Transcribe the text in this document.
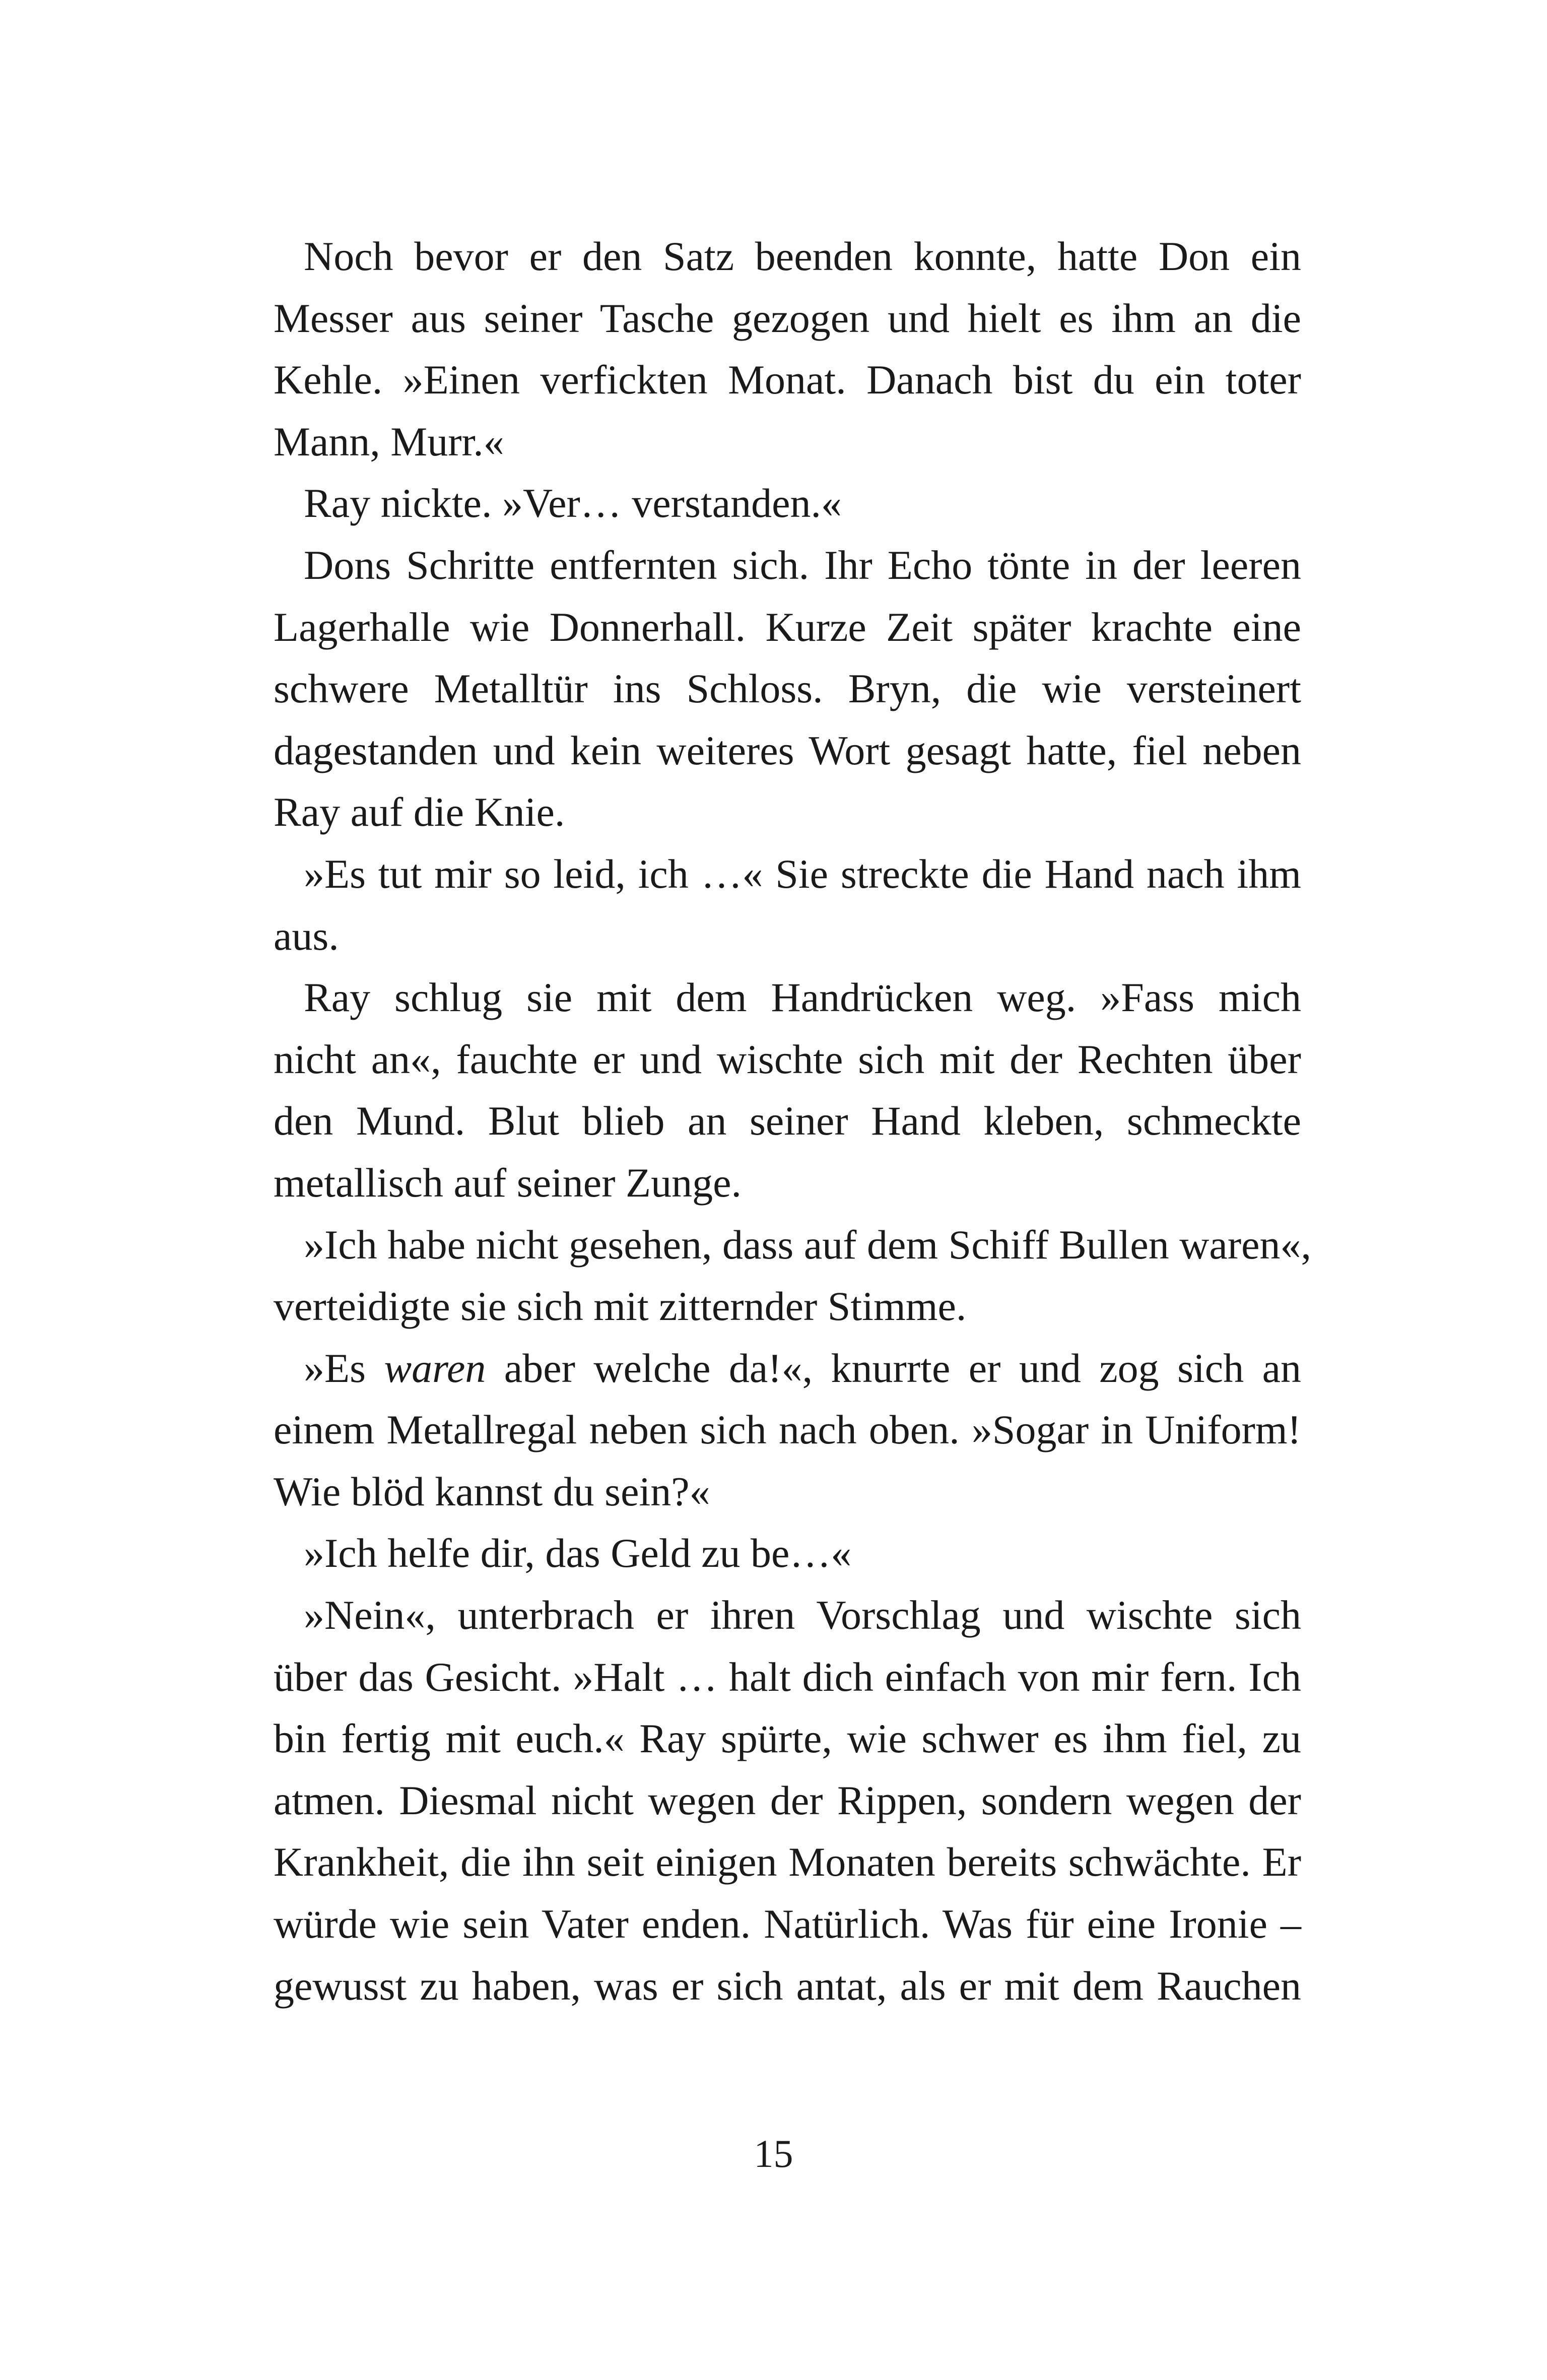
Noch bevor er den Satz beenden konnte, hatte Don ein
Messer aus seiner Tasche gezogen und hielt es ihm an die
Kehle. »Einen verfickten Monat. Danach bist du ein toter
Mann, Murr.«

Ray nickte. »Ver… verstanden.«

Dons Schritte entfernten sich. Ihr Echo tönte in der leeren
Lagerhalle wie Donnerhall. Kurze Zeit später krachte eine
schwere Metalltür ins Schloss. Bryn, die wie versteinert
dagestanden und kein weiteres Wort gesagt hatte, fiel neben
Ray auf die Knie.

»Es tut mir so leid, ich …« Sie streckte die Hand nach ihm
aus.

Ray schlug sie mit dem Handrücken weg. »Fass mich
nicht an«, fauchte er und wischte sich mit der Rechten über
den Mund. Blut blieb an seiner Hand kleben, schmeckte
metallisch auf seiner Zunge.

»Ich habe nicht gesehen, dass auf dem Schiff Bullen waren«,
verteidigte sie sich mit zitternder Stimme.

»Es waren aber welche da!«, knurrte er und zog sich an
einem Metallregal neben sich nach oben. »Sogar in Uniform!
Wie blöd kannst du sein?«

»Ich helfe dir, das Geld zu be…«

»Nein«, unterbrach er ihren Vorschlag und wischte sich
über das Gesicht. »Halt … halt dich einfach von mir fern. Ich
bin fertig mit euch.« Ray spürte, wie schwer es ihm fiel, zu
atmen. Diesmal nicht wegen der Rippen, sondern wegen der
Krankheit, die ihn seit einigen Monaten bereits schwächte. Er
würde wie sein Vater enden. Natürlich. Was für eine Ironie –
gewusst zu haben, was er sich antat, als er mit dem Rauchen

15
